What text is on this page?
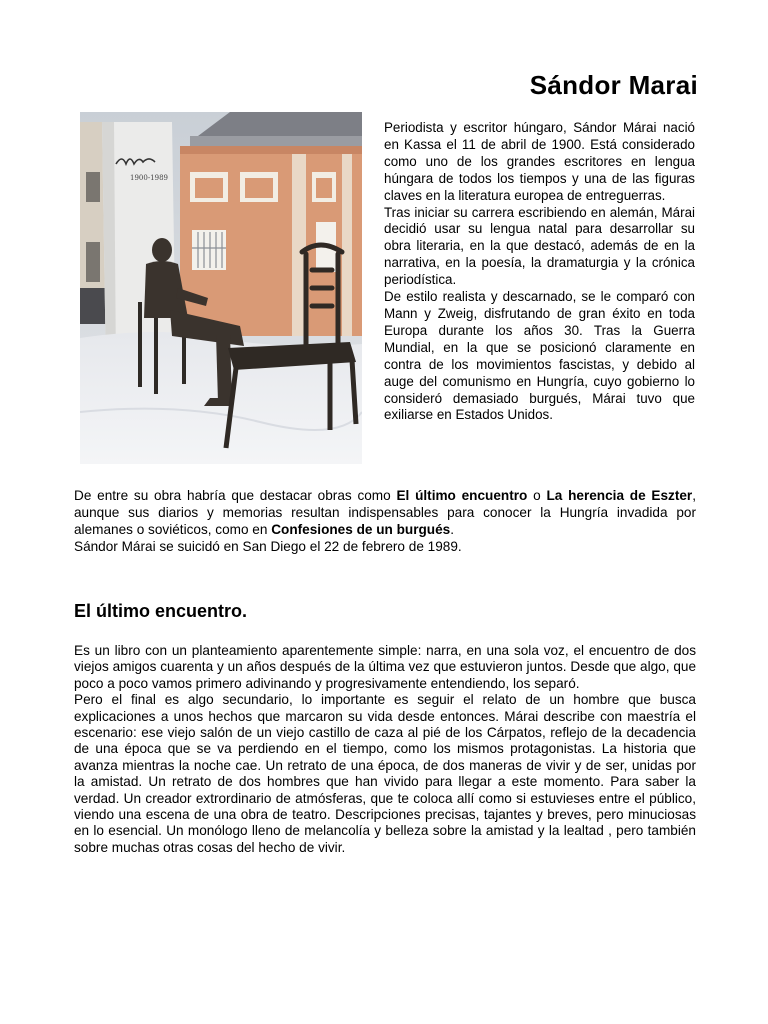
Sándor Marai
1900-1989

Periodista y escritor húngaro, Sándor Márai nació en Kassa el 11 de abril de 1900. Está considerado como uno de los grandes escritores en lengua húngara de todos los tiempos y una de las figuras claves en la literatura europea de entreguerras.

Tras iniciar su carrera escribiendo en alemán, Márai decidió usar su lengua natal para desarrollar su obra literaria, en la que destacó, además de en la narrativa, en la poesía, la dramaturgia y la crónica periodística.

De estilo realista y descarnado, se le comparó con Mann y Zweig, disfrutando de gran éxito en toda Europa durante los años 30. Tras la Guerra Mundial, en la que se posicionó claramente en contra de los movimientos fascistas, y debido al auge del comunismo en Hungría, cuyo gobierno lo consideró demasiado burgués, Márai tuvo que exiliarse en Estados Unidos.

De entre su obra habría que destacar obras como El último encuentro o La herencia de Eszter, aunque sus diarios y memorias resultan indispensables para conocer la Hungría invadida por alemanes o soviéticos, como en Confesiones de un burgués.

Sándor Márai se suicidó en San Diego el 22 de febrero de 1989.

El último encuentro.

Es un libro con un planteamiento aparentemente simple: narra, en una sola voz, el encuentro de dos viejos amigos cuarenta y un años después de la última vez que estuvieron juntos. Desde que algo, que poco a poco vamos primero adivinando y progresivamente entendiendo, los separó.

Pero el final es algo secundario, lo importante es seguir el relato de un hombre que busca explicaciones a unos hechos que marcaron su vida desde entonces. Márai describe con maestría el escenario: ese viejo salón de un viejo castillo de caza al pié de los Cárpatos, reflejo de la decadencia de una época que se va perdiendo en el tiempo, como los mismos protagonistas. La historia que avanza mientras la noche cae. Un retrato de una época, de dos maneras de vivir y de ser, unidas por la amistad. Un retrato de dos hombres que han vivido para llegar a este momento. Para saber la verdad. Un creador extrordinario de atmósferas, que te coloca allí como si estuvieses entre el público, viendo una escena de una obra de teatro. Descripciones precisas, tajantes y breves, pero minuciosas en lo esencial. Un monólogo lleno de melancolía y belleza sobre la amistad y la lealtad , pero también sobre muchas otras cosas del hecho de vivir.
